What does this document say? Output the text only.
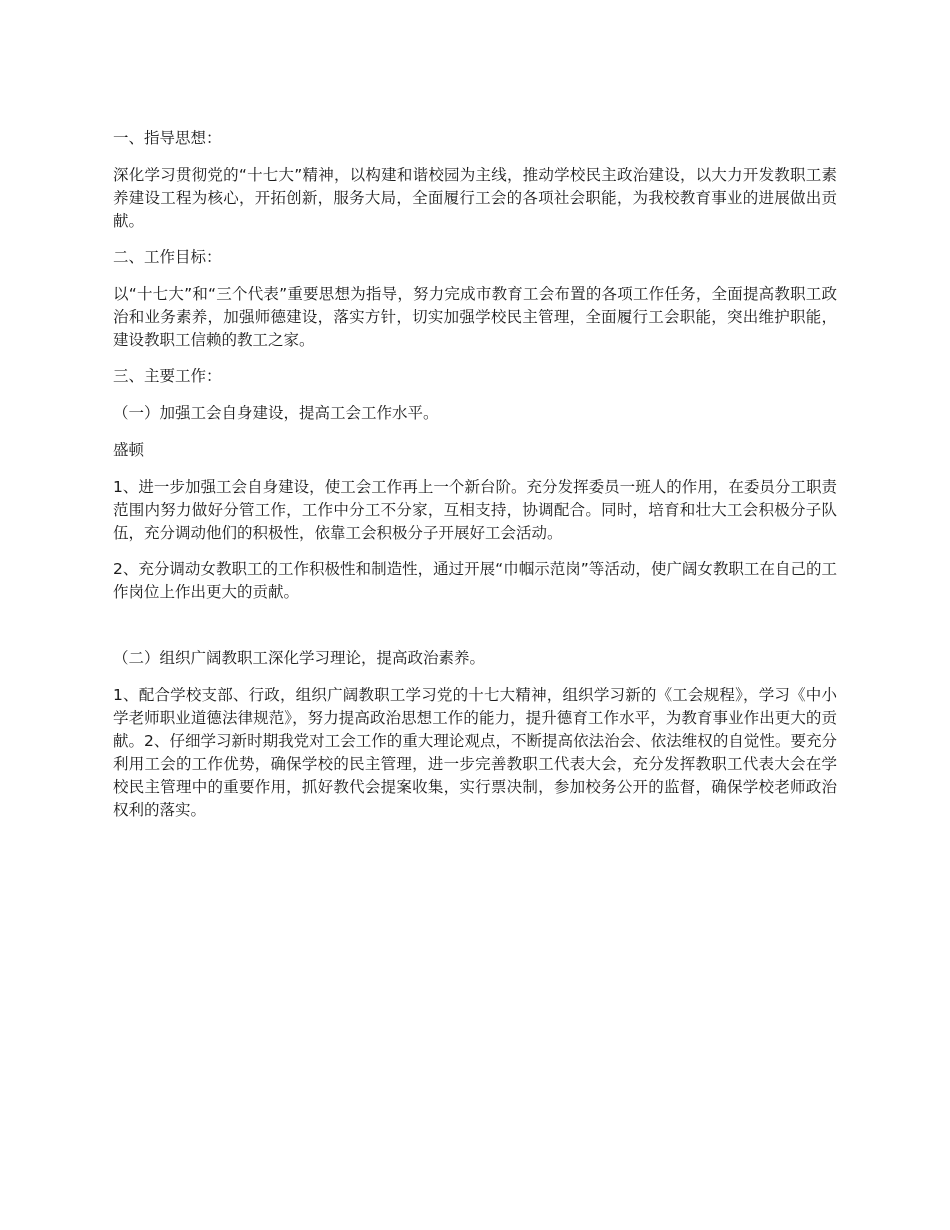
一、指导思想：

深化学习贯彻党的“十七大”精神，以构建和谐校园为主线，推动学校民主政治建设，以大力开发教职工素养建设工程为核心，开拓创新，服务大局，全面履行工会的各项社会职能，为我校教育事业的进展做出贡献。

二、工作目标：

以“十七大”和“三个代表”重要思想为指导，努力完成市教育工会布置的各项工作任务，全面提高教职工政治和业务素养，加强师德建设，落实方针，切实加强学校民主管理，全面履行工会职能，突出维护职能，建设教职工信赖的教工之家。

三、主要工作：

（一）加强工会自身建设，提高工会工作水平。

盛顿

1、进一步加强工会自身建设，使工会工作再上一个新台阶。充分发挥委员一班人的作用，在委员分工职责范围内努力做好分管工作，工作中分工不分家，互相支持，协调配合。同时，培育和壮大工会积极分子队伍，充分调动他们的积极性，依靠工会积极分子开展好工会活动。

2、充分调动女教职工的工作积极性和制造性，通过开展“巾帼示范岗”等活动，使广阔女教职工在自己的工作岗位上作出更大的贡献。

（二）组织广阔教职工深化学习理论，提高政治素养。

1、配合学校支部、行政，组织广阔教职工学习党的十七大精神，组织学习新的《工会规程》，学习《中小学老师职业道德法律规范》，努力提高政治思想工作的能力，提升德育工作水平，为教育事业作出更大的贡献。2、仔细学习新时期我党对工会工作的重大理论观点，不断提高依法治会、依法维权的自觉性。要充分利用工会的工作优势，确保学校的民主管理，进一步完善教职工代表大会，充分发挥教职工代表大会在学校民主管理中的重要作用，抓好教代会提案收集，实行票决制，参加校务公开的监督，确保学校老师政治权利的落实。
